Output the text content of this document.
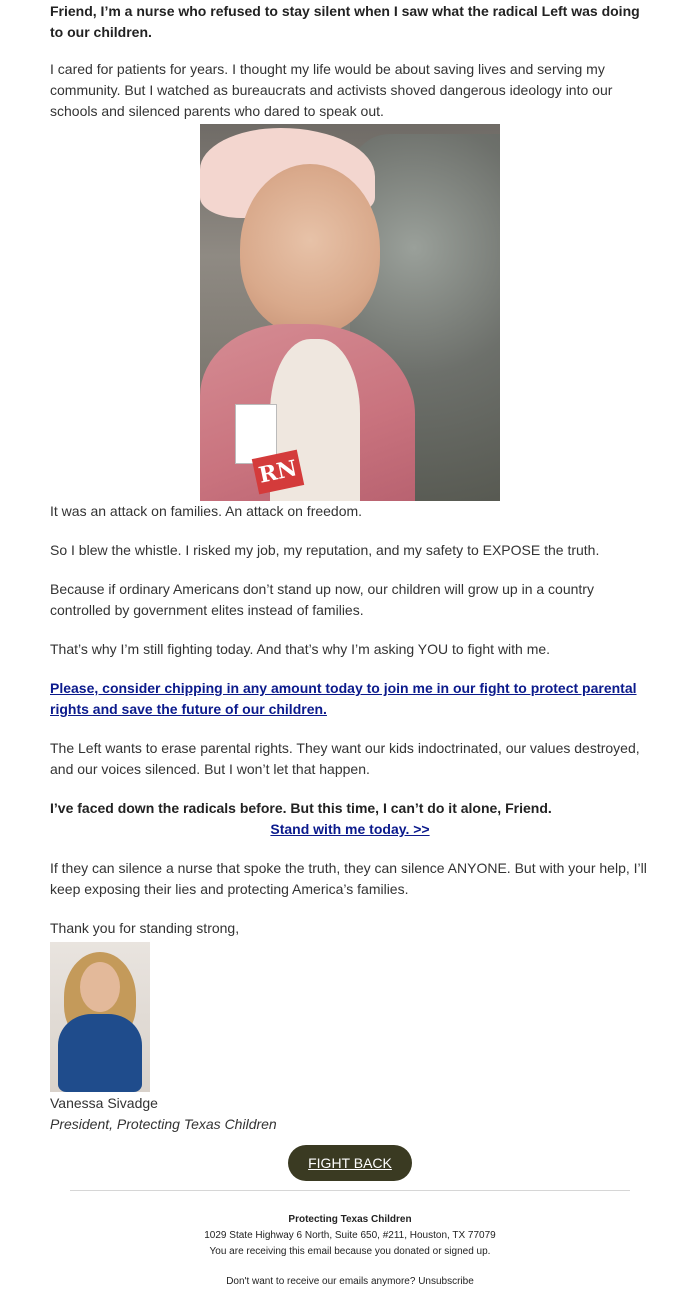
Friend, I’m a nurse who refused to stay silent when I saw what the radical Left was doing to our children.

I cared for patients for years. I thought my life would be about saving lives and serving my community. But I watched as bureaucrats and activists shoved dangerous ideology into our schools and silenced parents who dared to speak out.

RN

It was an attack on families. An attack on freedom.

So I blew the whistle. I risked my job, my reputation, and my safety to EXPOSE the truth.

Because if ordinary Americans don’t stand up now, our children will grow up in a country controlled by government elites instead of families.

That’s why I’m still fighting today. And that’s why I’m asking YOU to fight with me.

Please, consider chipping in any amount today to join me in our fight to protect parental rights and save the future of our children.

The Left wants to erase parental rights. They want our kids indoctrinated, our values destroyed, and our voices silenced. But I won’t let that happen.

I’ve faced down the radicals before. But this time, I can’t do it alone, Friend.

Stand with me today. >>

If they can silence a nurse that spoke the truth, they can silence ANYONE. But with your help, I’ll keep exposing their lies and protecting America’s families.

Thank you for standing strong,

Vanessa Sivadge

President, Protecting Texas Children

FIGHT BACK
Protecting Texas Children
1029 State Highway 6 North, Suite 650, #211, Houston, TX 77079
You are receiving this email because you donated or signed up.
Don't want to receive our emails anymore? Unsubscribe
